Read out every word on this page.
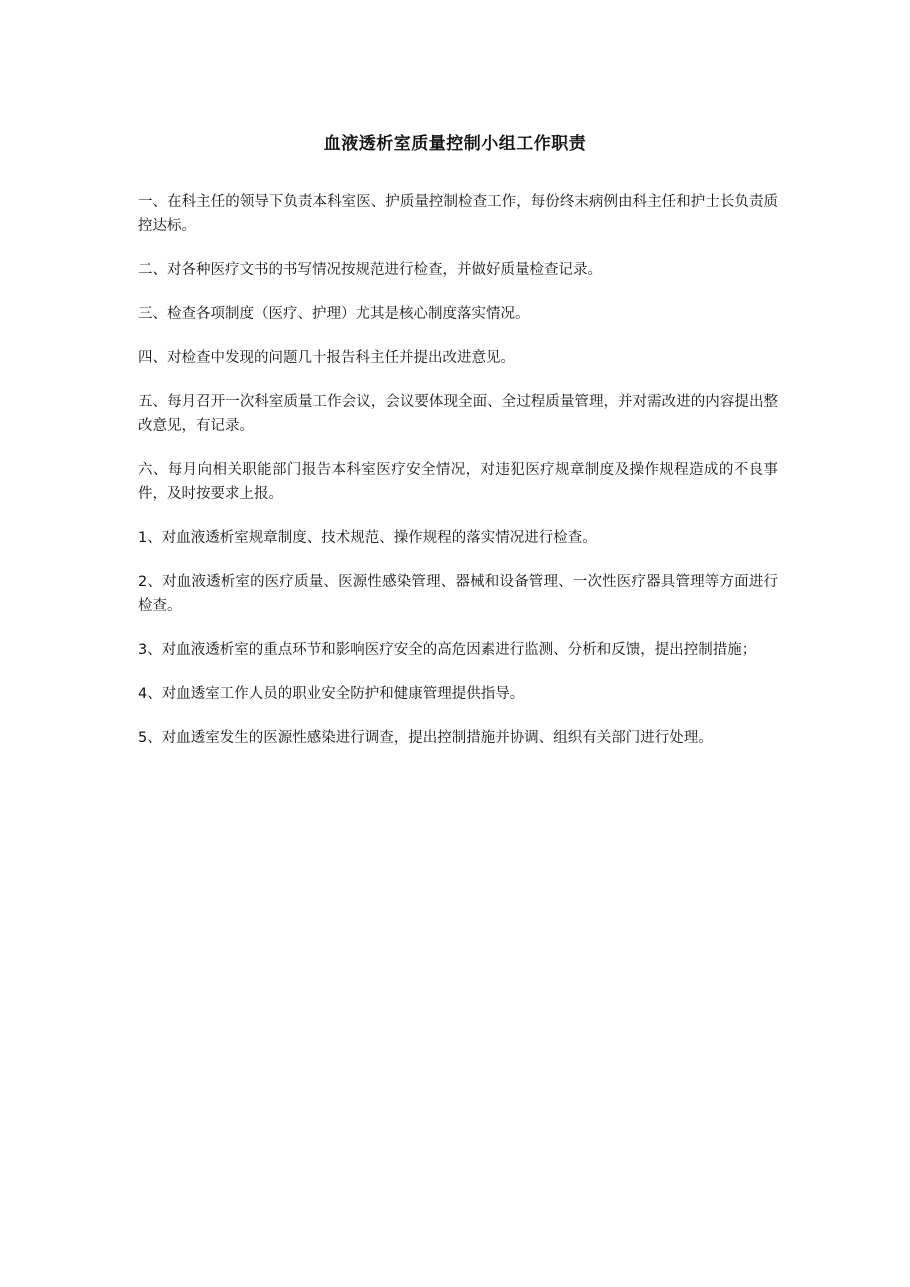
血液透析室质量控制小组工作职责

一、在科主任的领导下负责本科室医、护质量控制检查工作，每份终末病例由科主任和护士长负责质控达标。

二、对各种医疗文书的书写情况按规范进行检查，并做好质量检查记录。

三、检查各项制度（医疗、护理）尤其是核心制度落实情况。

四、对检查中发现的问题几十报告科主任并提出改进意见。

五、每月召开一次科室质量工作会议，会议要体现全面、全过程质量管理，并对需改进的内容提出整改意见，有记录。

六、每月向相关职能部门报告本科室医疗安全情况，对违犯医疗规章制度及操作规程造成的不良事件，及时按要求上报。

1、对血液透析室规章制度、技术规范、操作规程的落实情况进行检查。

2、对血液透析室的医疗质量、医源性感染管理、器械和设备管理、一次性医疗器具管理等方面进行检查。

3、对血液透析室的重点环节和影响医疗安全的高危因素进行监测、分析和反馈，提出控制措施；

4、对血透室工作人员的职业安全防护和健康管理提供指导。

5、对血透室发生的医源性感染进行调查，提出控制措施并协调、组织有关部门进行处理。
